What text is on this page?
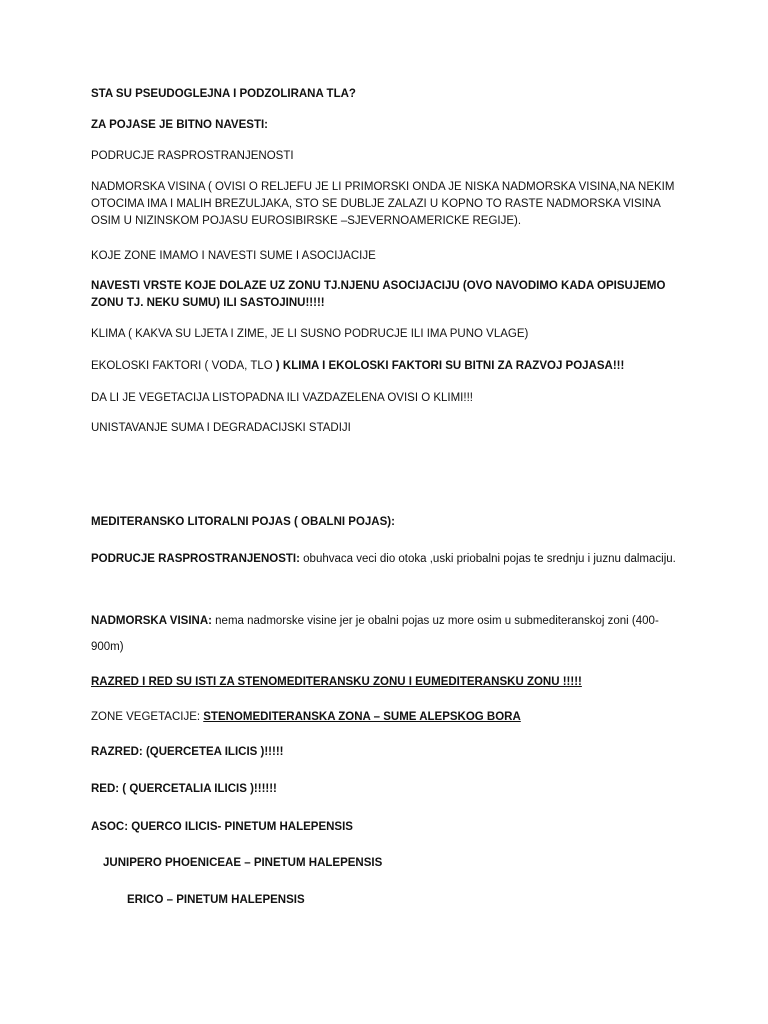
STA SU PSEUDOGLEJNA I PODZOLIRANA TLA?

ZA POJASE JE BITNO NAVESTI:

PODRUCJE RASPROSTRANJENOSTI

NADMORSKA VISINA ( OVISI O RELJEFU JE LI PRIMORSKI ONDA JE NISKA NADMORSKA VISINA,NA NEKIM OTOCIMA IMA I MALIH BREZULJAKA, STO SE DUBLJE ZALAZI U KOPNO TO RASTE NADMORSKA VISINA OSIM U NIZINSKOM POJASU EUROSIBIRSKE –SJEVERNOAMERICKE REGIJE).

KOJE ZONE IMAMO I NAVESTI SUME I ASOCIJACIJE

NAVESTI VRSTE KOJE DOLAZE UZ ZONU TJ.NJENU ASOCIJACIJU (OVO NAVODIMO KADA OPISUJEMO ZONU TJ. NEKU SUMU) ILI SASTOJINU!!!!!

KLIMA ( KAKVA SU LJETA I ZIME, JE LI SUSNO PODRUCJE ILI IMA PUNO VLAGE)

EKOLOSKI FAKTORI ( VODA, TLO ) KLIMA I EKOLOSKI FAKTORI SU BITNI ZA RAZVOJ POJASA!!!

DA LI JE VEGETACIJA LISTOPADNA ILI VAZDAZELENA OVISI O KLIMI!!!

UNISTAVANJE SUMA I DEGRADACIJSKI STADIJI

MEDITERANSKO LITORALNI POJAS ( OBALNI POJAS):

PODRUCJE RASPROSTRANJENOSTI: obuhvaca veci dio otoka ,uski priobalni pojas te srednju i juznu dalmaciju.

NADMORSKA VISINA: nema nadmorske visine jer je obalni pojas uz more osim u submediteranskoj zoni (400-900m)

RAZRED I RED SU ISTI ZA STENOMEDITERANSKU ZONU I EUMEDITERANSKU ZONU !!!!!

ZONE VEGETACIJE: STENOMEDITERANSKA ZONA – SUME ALEPSKOG BORA

RAZRED: (QUERCETEA ILICIS )!!!!!

RED: ( QUERCETALIA ILICIS )!!!!!!

ASOC: QUERCO ILICIS- PINETUM HALEPENSIS

JUNIPERO PHOENICEAE – PINETUM HALEPENSIS

ERICO – PINETUM HALEPENSIS
